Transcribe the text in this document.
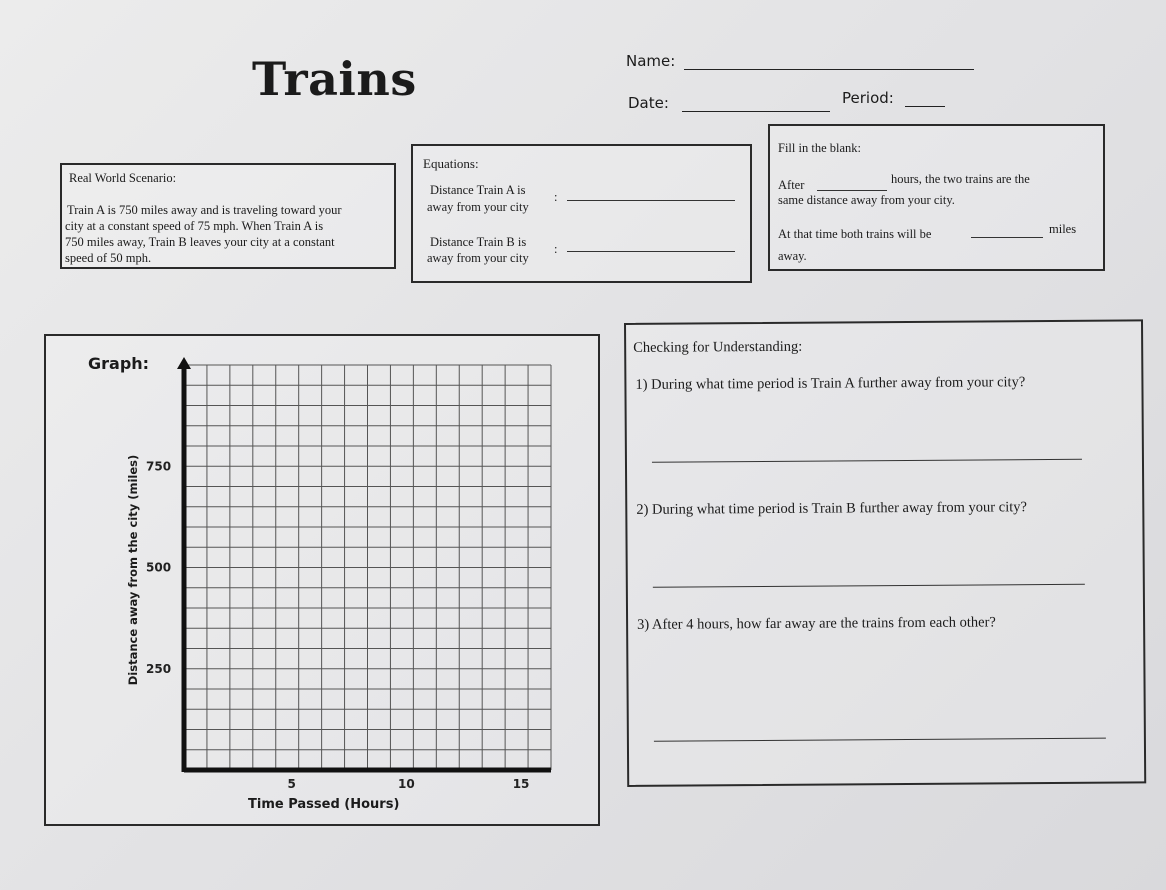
Trains	Name:
Date:	Period:
Real World Scenario:
Train A is 750 miles away and is traveling toward your
city at a constant speed of 75 mph. When Train A is
750 miles away, Train B leaves your city at a constant
speed of 50 mph.
Equations:
Distance Train A is
away from your city
:
Distance Train B is
away from your city
:
Fill in the blank:
After	hours, the two trains are the
same distance away from your city.
At that time both trains will be	miles
away.
Graph:
250
500
750
5	10	15
Distance away from the city (miles)
Time Passed (Hours)
Checking for Understanding:
1) During what time period is Train A further away from your city?
2) During what time period is Train B further away from your city?
3) After 4 hours, how far away are the trains from each other?
